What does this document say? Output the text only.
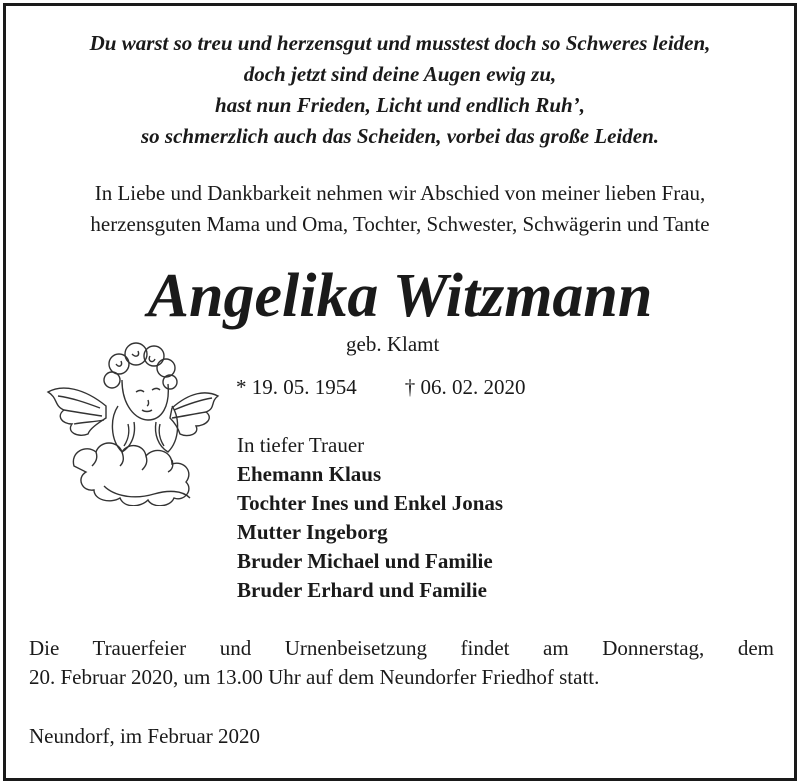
Du warst so treu und herzensgut und musstest doch so Schweres leiden,
doch jetzt sind deine Augen ewig zu,
hast nun Frieden, Licht und endlich Ruh’,
so schmerzlich auch das Scheiden, vorbei das große Leiden.
In Liebe und Dankbarkeit nehmen wir Abschied von meiner lieben Frau,
herzensguten Mama und Oma, Tochter, Schwester, Schwägerin und Tante
Angelika Witzmann
geb. Klamt
* 19. 05. 1954 † 06. 02. 2020
In tiefer Trauer
Ehemann Klaus
Tochter Ines und Enkel Jonas
Mutter Ingeborg
Bruder Michael und Familie
Bruder Erhard und Familie
Die Trauerfeier und Urnenbeisetzung findet am Donnerstag, dem
20. Februar 2020, um 13.00 Uhr auf dem Neundorfer Friedhof statt.
Neundorf, im Februar 2020
